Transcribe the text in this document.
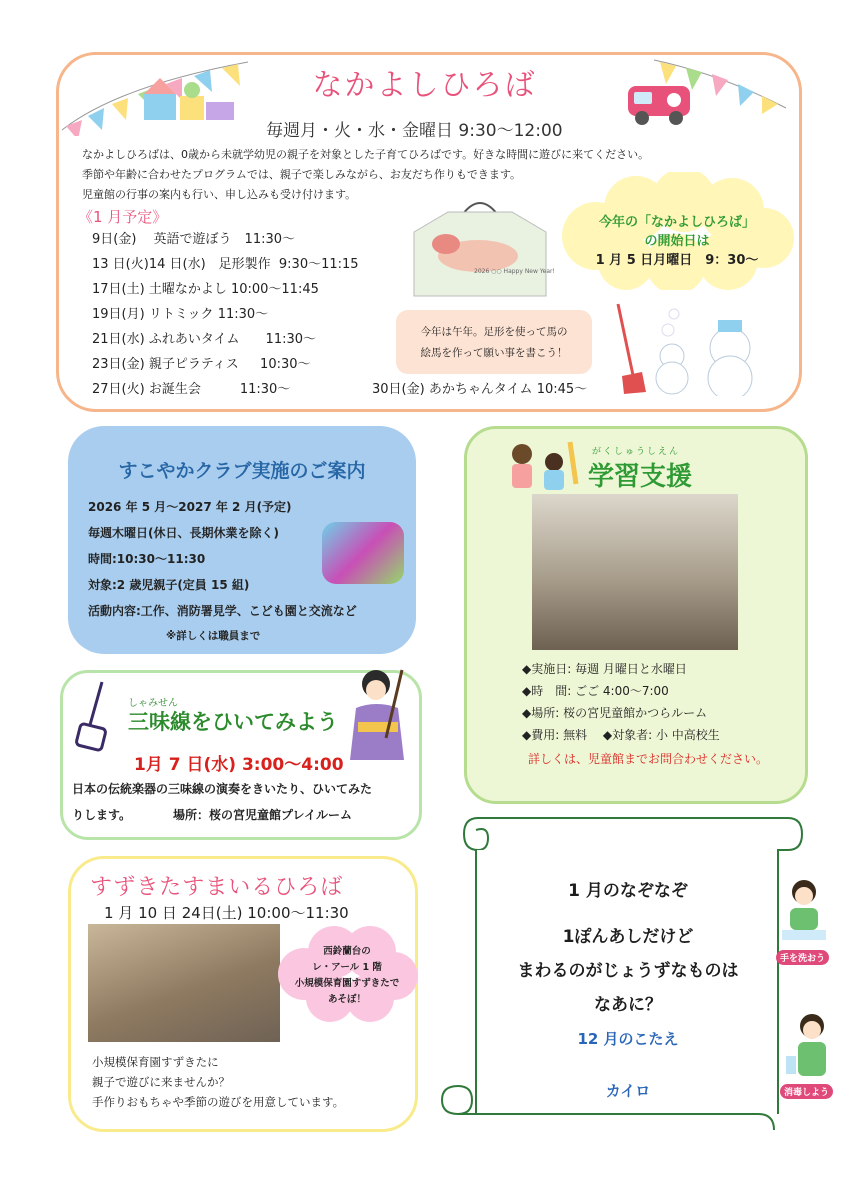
なかよしひろば
毎週月・火・水・金曜日 9:30～12:00
なかよしひろばは、0歳から未就学幼児の親子を対象とした子育てひろばです。好きな時間に遊びに来てください。
季節や年齢に合わせたプログラムでは、親子で楽しみながら、お友だち作りもできます。
児童館の行事の案内も行い、申し込みも受け付けます。
《1 月予定》
9日(金)　 英語で遊ぼう　11:30～
13 日(火)14 日(水)　足形製作  9:30～11:15
17日(土) 土曜なかよし 10:00～11:45
19日(月) リトミック 11:30～
21日(水) ふれあいタイム　　11:30～
23日(金) 親子ピラティス　  10:30～
27日(火) お誕生会　　　11:30～	30日(金) あかちゃんタイム 10:45～
2026 ○○ Happy New Year!
今年の「なかよしひろば」
の開始日は
1 月 5 日月曜日　9：30～
今年は午年。足形を使って馬の
絵馬を作って願い事を書こう！
すこやかクラブ実施のご案内
2026 年 5 月～2027 年 2 月(予定)
毎週木曜日(休日、長期休業を除く)
時間:10:30～11:30
対象:2 歳児親子(定員 15 組)
活動内容:工作、消防署見学、こども園と交流など
※詳しくは職員まで
しゃみせん
三味線をひいてみよう
1月 7 日(水) 3:00～4:00
日本の伝統楽器の三味線の演奏をきいたり、ひいてみた
りします。　　　　場所：桜の宮児童館プレイルーム
すずきたすまいるひろば
1 月 10 日 24日(土) 10:00～11:30
西鈴蘭台の
レ・アール 1 階
小規模保育園すずきたで
あそぼ！
小規模保育園すずきたに
親子で遊びに来ませんか？
手作りおもちゃや季節の遊びを用意しています。
がくしゅうしえん
学習支援
◆実施日: 毎週 月曜日と水曜日
◆時　間: ごご 4:00～7:00
◆場所: 桜の宮児童館かつらルーム
◆費用: 無料　 ◆対象者: 小 中高校生
詳しくは、児童館までお問合わせください。
1 月のなぞなぞ
1ぽんあしだけど
まわるのがじょうずなものは
なあに？
12 月のこたえ
カイロ
手を洗おう
消毒しよう
